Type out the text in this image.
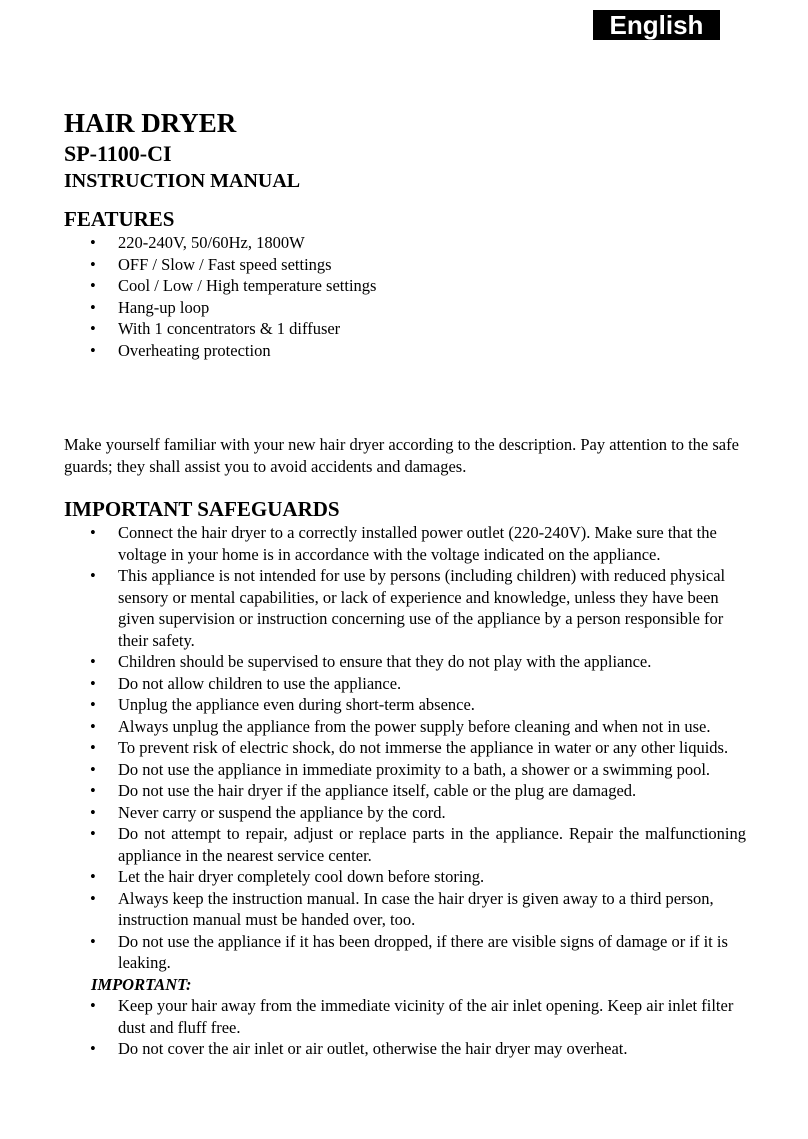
English
HAIR DRYER
SP-1100-CI
INSTRUCTION MANUAL
FEATURES
• 220-240V, 50/60Hz, 1800W
• OFF / Slow / Fast speed settings
• Cool / Low / High temperature settings
• Hang-up loop
• With 1 concentrators & 1 diffuser
• Overheating protection

Make yourself familiar with your new hair dryer according to the description. Pay attention to the safe guards; they shall assist you to avoid accidents and damages.

IMPORTANT SAFEGUARDS
• Connect the hair dryer to a correctly installed power outlet (220-240V). Make sure that the voltage in your home is in accordance with the voltage indicated on the appliance.
• This appliance is not intended for use by persons (including children) with reduced physical sensory or mental capabilities, or lack of experience and knowledge, unless they have been given supervision or instruction concerning use of the appliance by a person responsible for their safety.
• Children should be supervised to ensure that they do not play with the appliance.
• Do not allow children to use the appliance.
• Unplug the appliance even during short-term absence.
• Always unplug the appliance from the power supply before cleaning and when not in use.
• To prevent risk of electric shock, do not immerse the appliance in water or any other liquids.
• Do not use the appliance in immediate proximity to a bath, a shower or a swimming pool.
• Do not use the hair dryer if the appliance itself, cable or the plug are damaged.
• Never carry or suspend the appliance by the cord.
• Do not attempt to repair, adjust or replace parts in the appliance. Repair the malfunctioning appliance in the nearest service center.
• Let the hair dryer completely cool down before storing.
• Always keep the instruction manual. In case the hair dryer is given away to a third person, instruction manual must be handed over, too.
• Do not use the appliance if it has been dropped, if there are visible signs of damage or if it is leaking.
IMPORTANT:
• Keep your hair away from the immediate vicinity of the air inlet opening. Keep air inlet filter dust and fluff free.
• Do not cover the air inlet or air outlet, otherwise the hair dryer may overheat.
